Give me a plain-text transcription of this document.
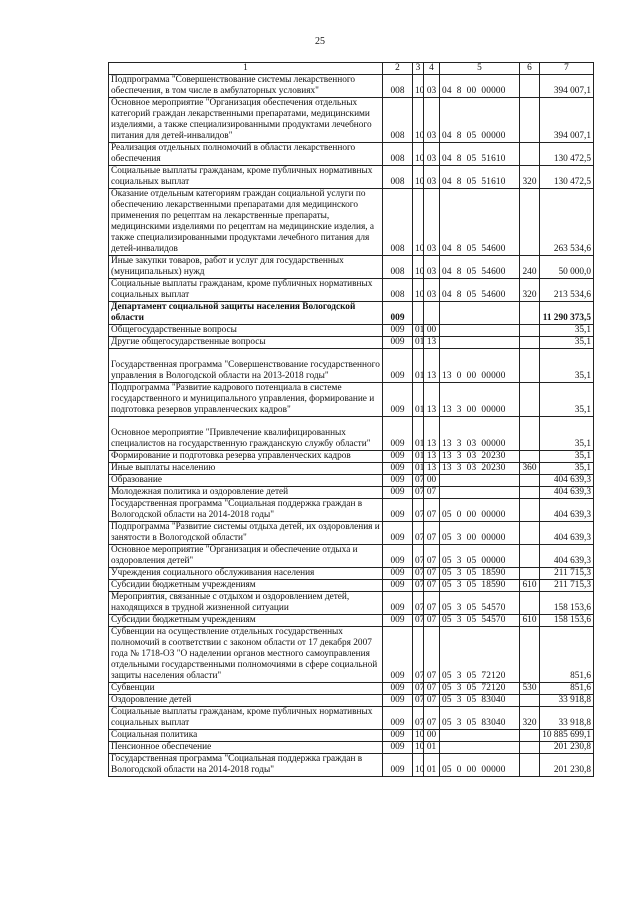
25
1	2	3	4	5	6	7
Подпрограмма "Совершенствование системы лекарственного обеспечения, в том числе в амбулаторных условиях"	008	10	03	04  8  00  00000		394 007,1
Основное мероприятие "Организация обеспечения отдельных категорий граждан лекарственными препаратами, медицинскими изделиями, а также специализированными продуктами лечебного питания для детей-инвалидов"	008	10	03	04  8  05  00000		394 007,1
Реализация отдельных полномочий в области лекарственного обеспечения	008	10	03	04  8  05  51610		130 472,5
Социальные выплаты гражданам, кроме публичных нормативных социальных выплат	008	10	03	04  8  05  51610	320	130 472,5
Оказание отдельным категориям граждан социальной услуги по обеспечению лекарственными препаратами для медицинского применения по рецептам на лекарственные препараты, медицинскими изделиями по рецептам на медицинские изделия, а также специализированными продуктами лечебного питания для детей-инвалидов	008	10	03	04  8  05  54600		263 534,6
Иные закупки товаров, работ и услуг для государственных (муниципальных) нужд	008	10	03	04  8  05  54600	240	50 000,0
Социальные выплаты гражданам, кроме публичных нормативных социальных выплат	008	10	03	04  8  05  54600	320	213 534,6
Департамент социальной защиты населения Вологодской области	009					11 290 373,5
Общегосударственные вопросы	009	01	00			35,1
Другие общегосударственные вопросы	009	01	13			35,1
Государственная программа "Совершенствование государственного управления в Вологодской области на 2013-2018 годы"	009	01	13	13  0  00  00000		35,1
Подпрограмма "Развитие кадрового потенциала в системе государственного и муниципального управления, формирование и подготовка резервов управленческих кадров"	009	01	13	13  3  00  00000		35,1
Основное мероприятие "Привлечение квалифицированных специалистов на государственную гражданскую службу области"	009	01	13	13  3  03  00000		35,1
Формирование и подготовка резерва управленческих кадров	009	01	13	13  3  03  20230		35,1
Иные выплаты населению	009	01	13	13  3  03  20230	360	35,1
Образование	009	07	00			404 639,3
Молодежная политика и оздоровление детей	009	07	07			404 639,3
Государственная программа "Социальная поддержка граждан в Вологодской области на 2014-2018 годы"	009	07	07	05  0  00  00000		404 639,3
Подпрограмма "Развитие системы отдыха детей, их оздоровления и занятости в Вологодской области"	009	07	07	05  3  00  00000		404 639,3
Основное мероприятие "Организация и обеспечение отдыха и оздоровления детей"	009	07	07	05  3  05  00000		404 639,3
Учреждения социального обслуживания населения	009	07	07	05  3  05  18590		211 715,3
Субсидии бюджетным учреждениям	009	07	07	05  3  05  18590	610	211 715,3
Мероприятия, связанные с отдыхом и оздоровлением детей, находящихся в трудной жизненной ситуации	009	07	07	05  3  05  54570		158 153,6
Субсидии бюджетным учреждениям	009	07	07	05  3  05  54570	610	158 153,6
Субвенции на осуществление отдельных государственных полномочий в соответствии с законом области от 17 декабря 2007 года № 1718-ОЗ "О наделении органов местного самоуправления отдельными государственными полномочиями в сфере социальной защиты населения области"	009	07	07	05  3  05  72120		851,6
Субвенции	009	07	07	05  3  05  72120	530	851,6
Оздоровление детей	009	07	07	05  3  05  83040		33 918,8
Социальные выплаты гражданам, кроме публичных нормативных социальных выплат	009	07	07	05  3  05  83040	320	33 918,8
Социальная политика	009	10	00			10 885 699,1
Пенсионное обеспечение	009	10	01			201 230,8
Государственная программа "Социальная поддержка граждан в Вологодской области на 2014-2018 годы"	009	10	01	05  0  00  00000		201 230,8
